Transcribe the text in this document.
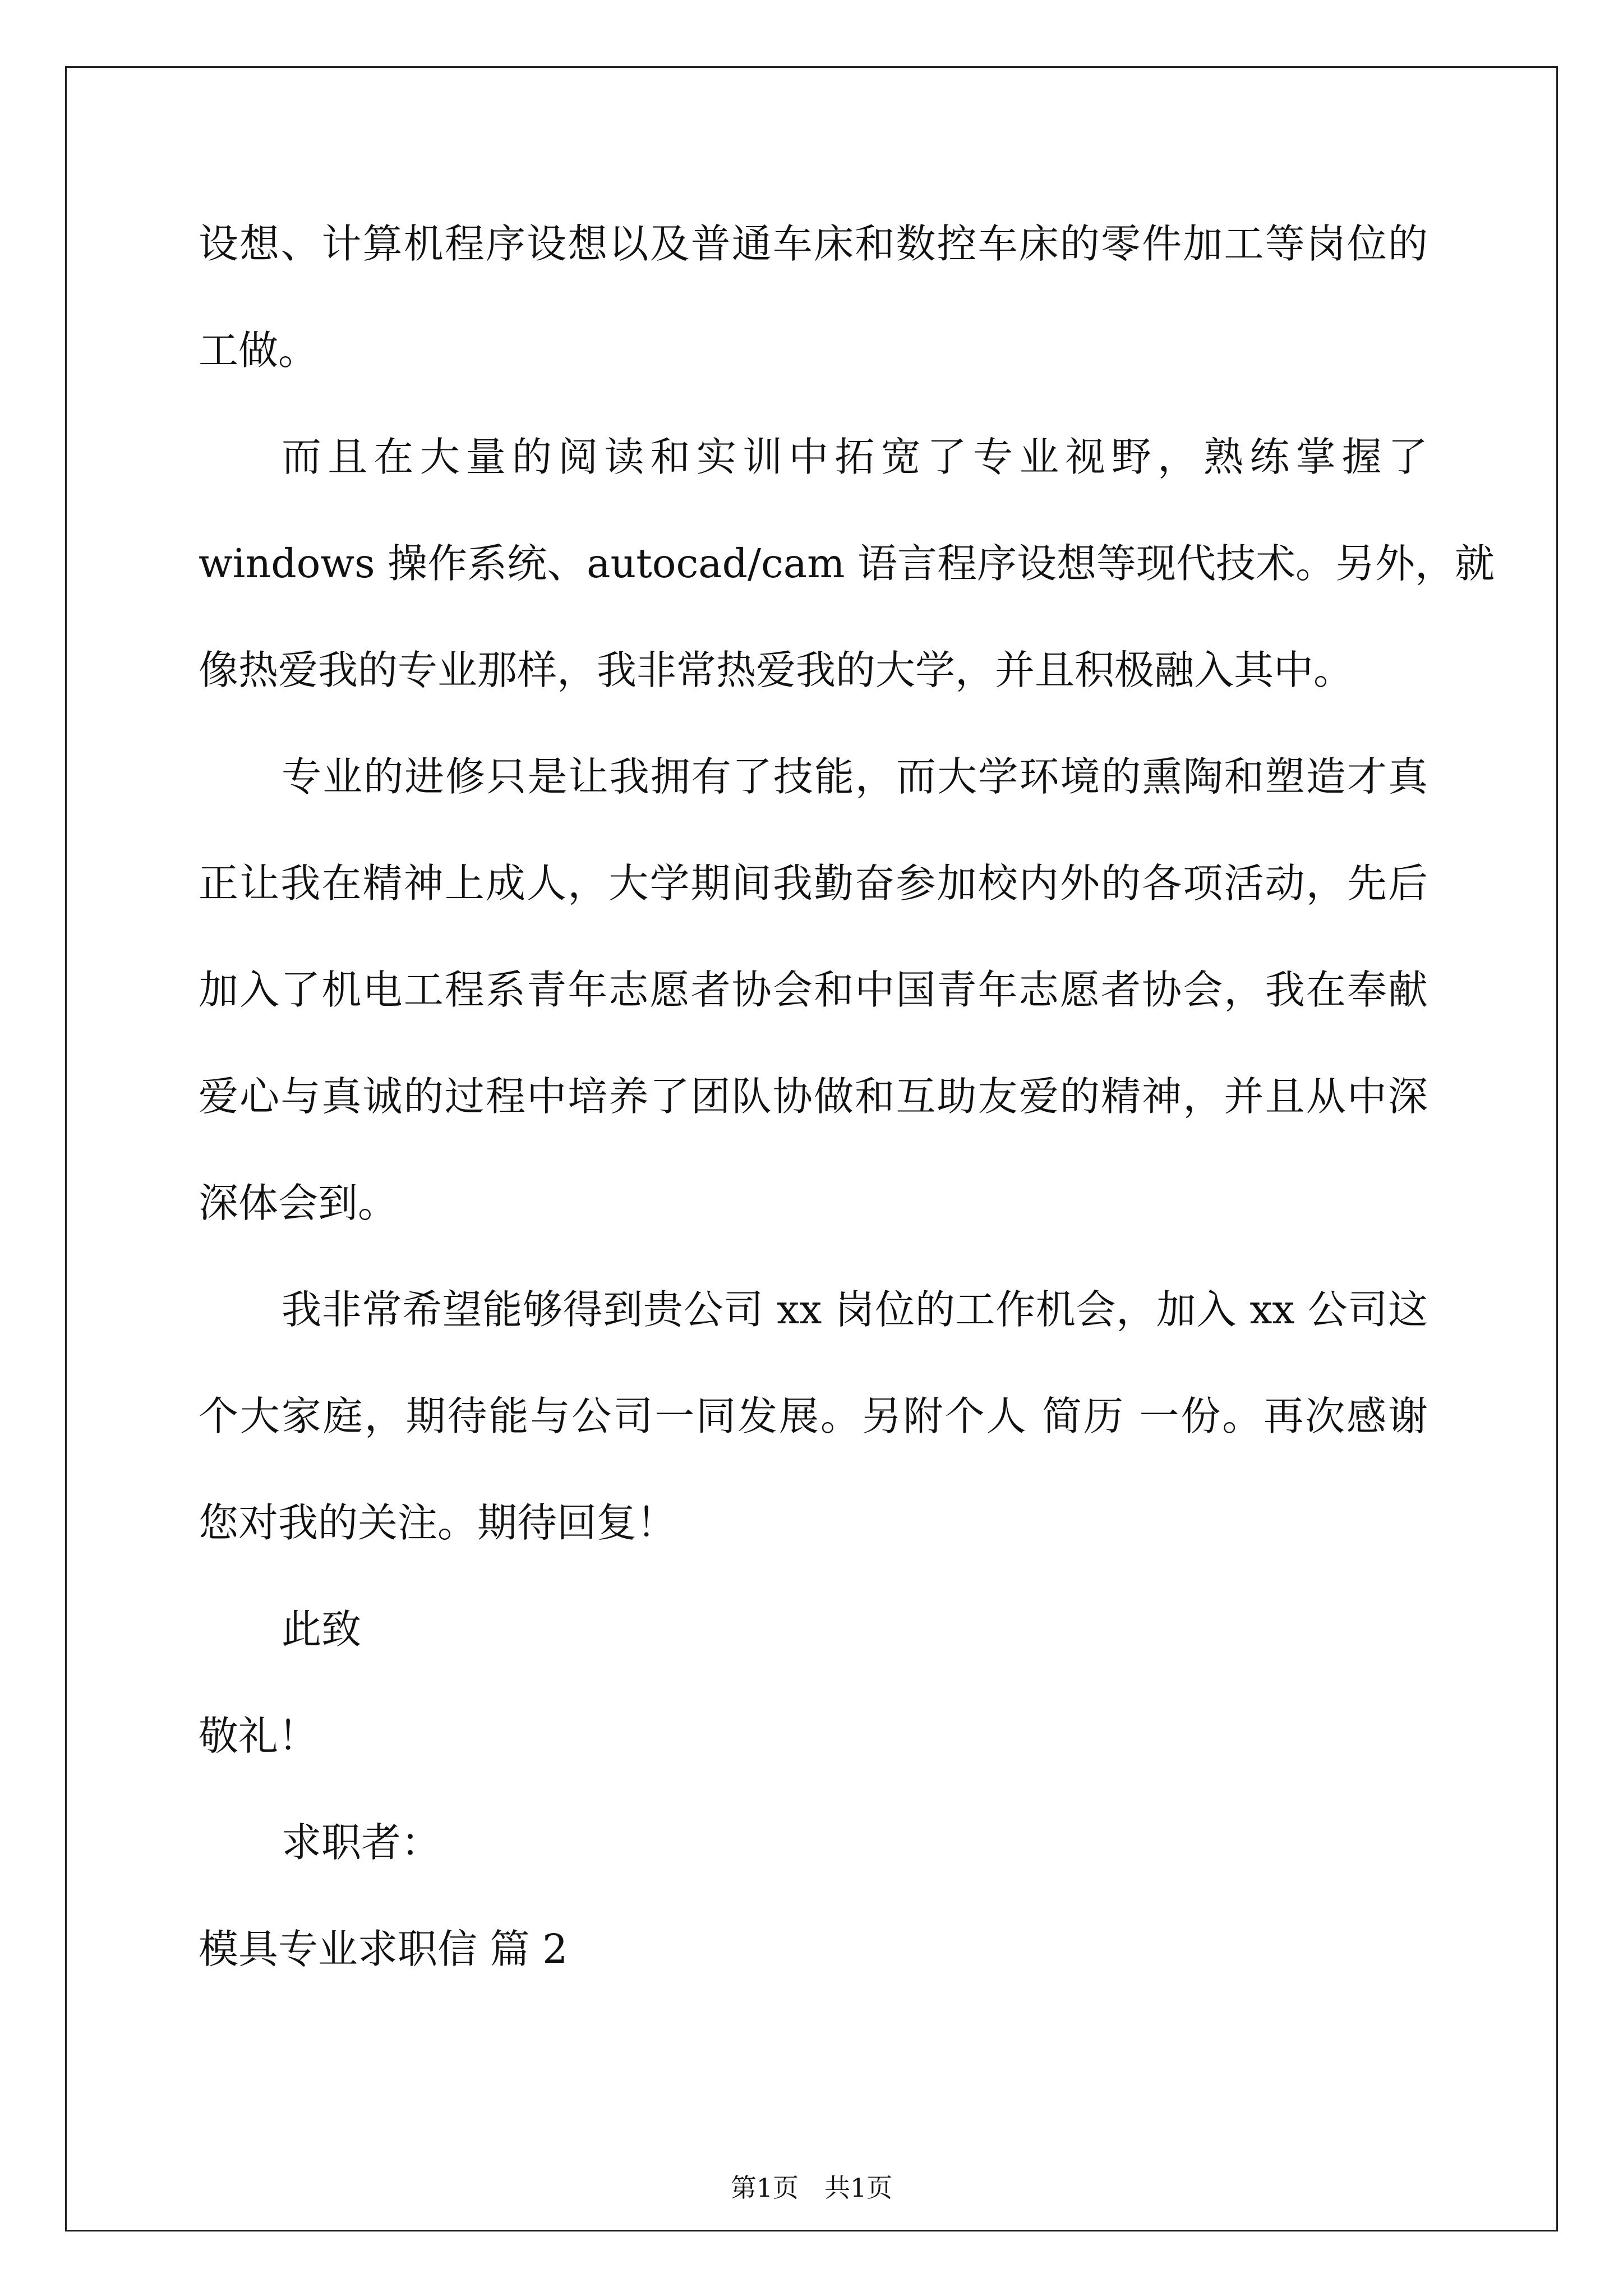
设想、计算机程序设想以及普通车床和数控车床的零件加工等岗位的
工做。
而且在大量的阅读和实训中拓宽了专业视野，熟练掌握了
windows 操作系统、autocad/cam 语言程序设想等现代技术。另外，就
像热爱我的专业那样，我非常热爱我的大学，并且积极融入其中。
专业的进修只是让我拥有了技能，而大学环境的熏陶和塑造才真
正让我在精神上成人，大学期间我勤奋参加校内外的各项活动，先后
加入了机电工程系青年志愿者协会和中国青年志愿者协会，我在奉献
爱心与真诚的过程中培养了团队协做和互助友爱的精神，并且从中深
深体会到。
我非常希望能够得到贵公司 xx 岗位的工作机会，加入 xx 公司这
个大家庭，期待能与公司一同发展。另附个人 简历 一份。再次感谢
您对我的关注。期待回复！
此致
敬礼！
求职者：
模具专业求职信 篇 2
第1页　共1页
